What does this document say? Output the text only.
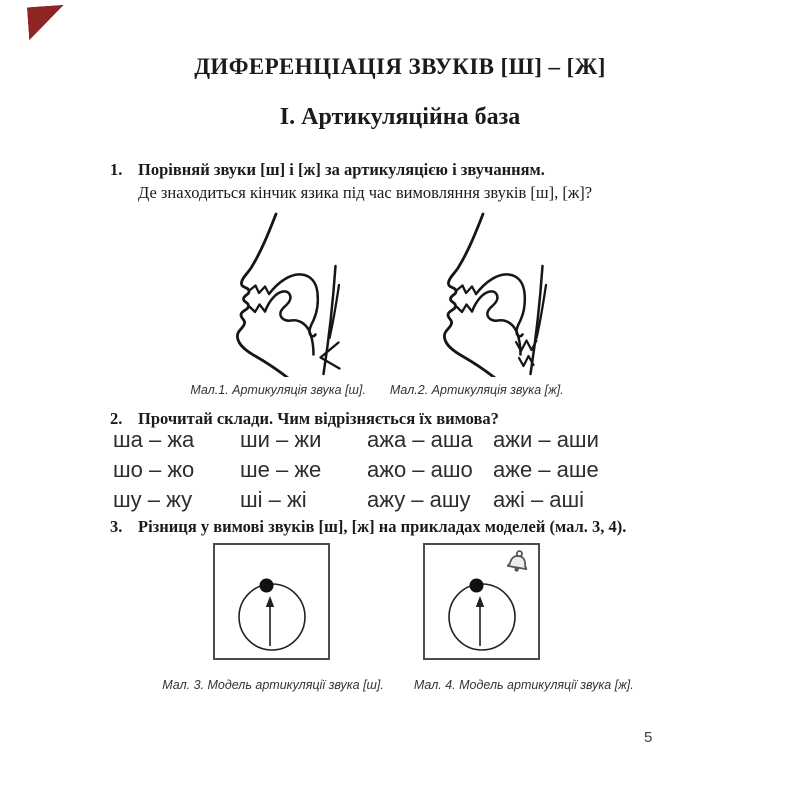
ДИФЕРЕНЦІАЦІЯ ЗВУКІВ [Ш] – [Ж]
І. Артикуляційна база
1. Порівняй звуки [ш] і [ж] за артикуляцією і звучанням.
Де знаходиться кінчик язика під час вимовляння звуків [ш], [ж]?
Мал.1. Артикуляція звука [ш]. Мал.2. Артикуляція звука [ж].
2. Прочитай склади. Чим відрізняється їх вимова?
ша – жа	ши – жи	ажа – аша ажи – аши
шо – жо	ше – же	ажо – ашо аже – аше
шу – жу	ші – жі	ажу – ашу	ажі – аші
3. Різниця у вимові звуків [ш], [ж] на прикладах моделей (мал. 3, 4).
Мал. 3. Модель артикуляції звука [ш]. Мал. 4. Модель артикуляції звука [ж].
5
